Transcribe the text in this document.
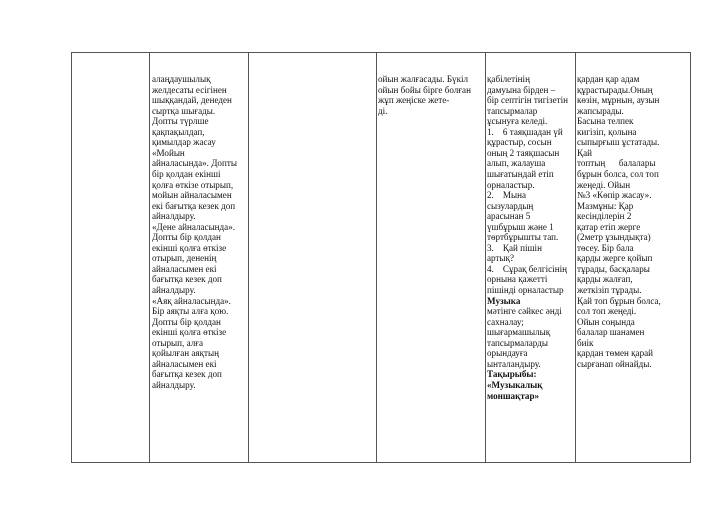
алаңдаушылық
желдесаты есігінен
шыққандай, денеден
сыртқа шығады.
Допты түрлше
қақпақылдап,
қимылдар жасау
«Мойын
айналасында». Допты
бір қолдан екінші
қолға өткізе отырып,
мойын айналасымен
екі бағытқа кезек доп
айналдыру.
«Дене айналасында».
Допты бір қолдан
екінші қолға өткізе
отырып, дененің
айналасымен екі
бағытқа кезек доп
айналдыру.
«Аяқ айналасында».
Бір аяқты алға қою.
Допты бір қолдан
екінші қолға өткізе
отырып, алға
қойылған аяқтың
айналасымен екі
бағытқа кезек доп
айналдыру.

ойын жалғасады. Бүкіл
ойын бойы бірге болған
жұп жеңіске жете-
ді.

қабілетінің
дамуына бірден –
бір септігін тигізетін
тапсырмалар
ұсынуға келеді.
1.    6 таяқшадан үй
құрастыр, сосын
оның 2 таяқшасын
алып, жалауша
шығатындай етіп
орналастыр.
2.    Мына
сызулардың
арасынан 5
үшбұрыш және 1
төртбұрышты тап.
3.    Қай пішін
артық?
4.    Сұрақ белгісінің
орнына қажетті
пішінді орналастыр
Музыка
мәтінге сәйкес әнді
сахналау;
шығармашылық
тапсырмаларды
орындауға
ынталандыру.
Тақырыбы:
«Музыкалық
моншақтар»

қардан қар адам
құрастырады.Оның
көзін, мұрнын, аузын
жапсырады.
Басына телпек
кигізіп, қолына
сыпырғыш ұстатады.
Қай
топтың      балалары
бұрын болса, сол топ
жеңеді. Ойын
№3 «Көпір жасау».
Мазмұны: Қар
кесінділерін 2
қатар етіп жерге
(2метр ұзындықта)
төсеу. Бір бала
қарды жерге қойып
тұрады, басқалары
қарды жалғап,
жеткізіп тұрады.
Қай топ бұрын болса,
сол топ жеңеді.
Ойын соңында
балалар шанамен
биік
қардан төмен қарай
сырғанап ойнайды.
